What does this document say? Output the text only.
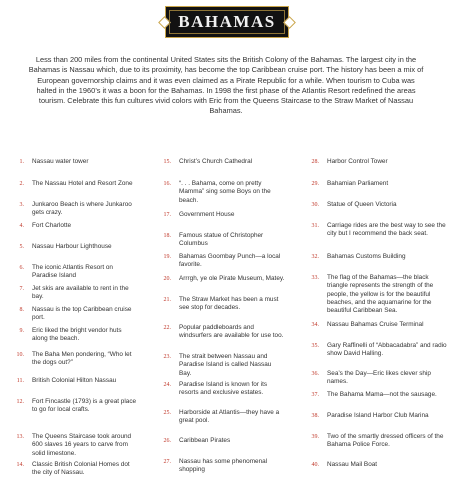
BAHAMAS
Less than 200 miles from the continental United States sits the British Colony of the Bahamas. The largest city in the Bahamas is Nassau which, due to its proximity, has become the top Caribbean cruise port. The history has been a mix of European governorship claims and it was even claimed as a Pirate Republic for a while. When tourism to Cuba was halted in the 1960’s it was a boon for the Bahamas. In 1998 the first phase of the Atlantis Resort redefined the areas tourism. Celebrate this fun cultures vivid colors with Eric from the Queens Staircase to the Straw Market of Nassau Bahamas.
1. Nassau water tower
2. The Nassau Hotel and Resort Zone
3. Junkaroo Beach is where Junkaroo gets crazy.
4. Fort Charlotte
5. Nassau Harbour Lighthouse
6. The iconic Atlantis Resort on Paradise Island
7. Jet skis are available to rent in the bay.
8. Nassau is the top Caribbean cruise port.
9. Eric liked the bright vendor huts along the beach.
10. The Baha Men pondering, “Who let the dogs out?”
11. British Colonial Hilton Nassau
12. Fort Fincastle (1793) is a great place to go for local crafts.
13. The Queens Staircase took around 600 slaves 16 years to carve from solid limestone.
14. Classic British Colonial Homes dot the city of Nassau.
15. Christ’s Church Cathedral
16. “. . . Bahama, come on pretty Mamma” sing some Boys on the beach.
17. Government House
18. Famous statue of Christopher Columbus
19. Bahamas Goombay Punch—a local favorite.
20. Arrrgh, ye ole Pirate Museum, Matey.
21. The Straw Market has been a must see stop for decades.
22. Popular paddleboards and windsurfers are available for use too.
23. The strait between Nassau and Paradise Island is called Nassau Bay.
24. Paradise Island is known for its resorts and exclusive estates.
25. Harborside at Atlantis—they have a great pool.
26. Caribbean Pirates
27. Nassau has some phenomenal shopping
28. Harbor Control Tower
29. Bahamian Parliament
30. Statue of Queen Victoria
31. Carriage rides are the best way to see the city but I recommend the back seat.
32. Bahamas Customs Building
33. The flag of the Bahamas—the black triangle represents the strength of the people, the yellow is for the beautiful beaches, and the aquamarine for the beautiful Caribbean Sea.
34. Nassau Bahamas Cruise Terminal
35. Gary Raffinelli of “Abbacadabra” and radio show David Halling.
36. Sea’s the Day—Eric likes clever ship names.
37. The Bahama Mama—not the sausage.
38. Paradise Island Harbor Club Marina
39. Two of the smartly dressed officers of the Bahama Police Force.
40. Nassau Mail Boat
